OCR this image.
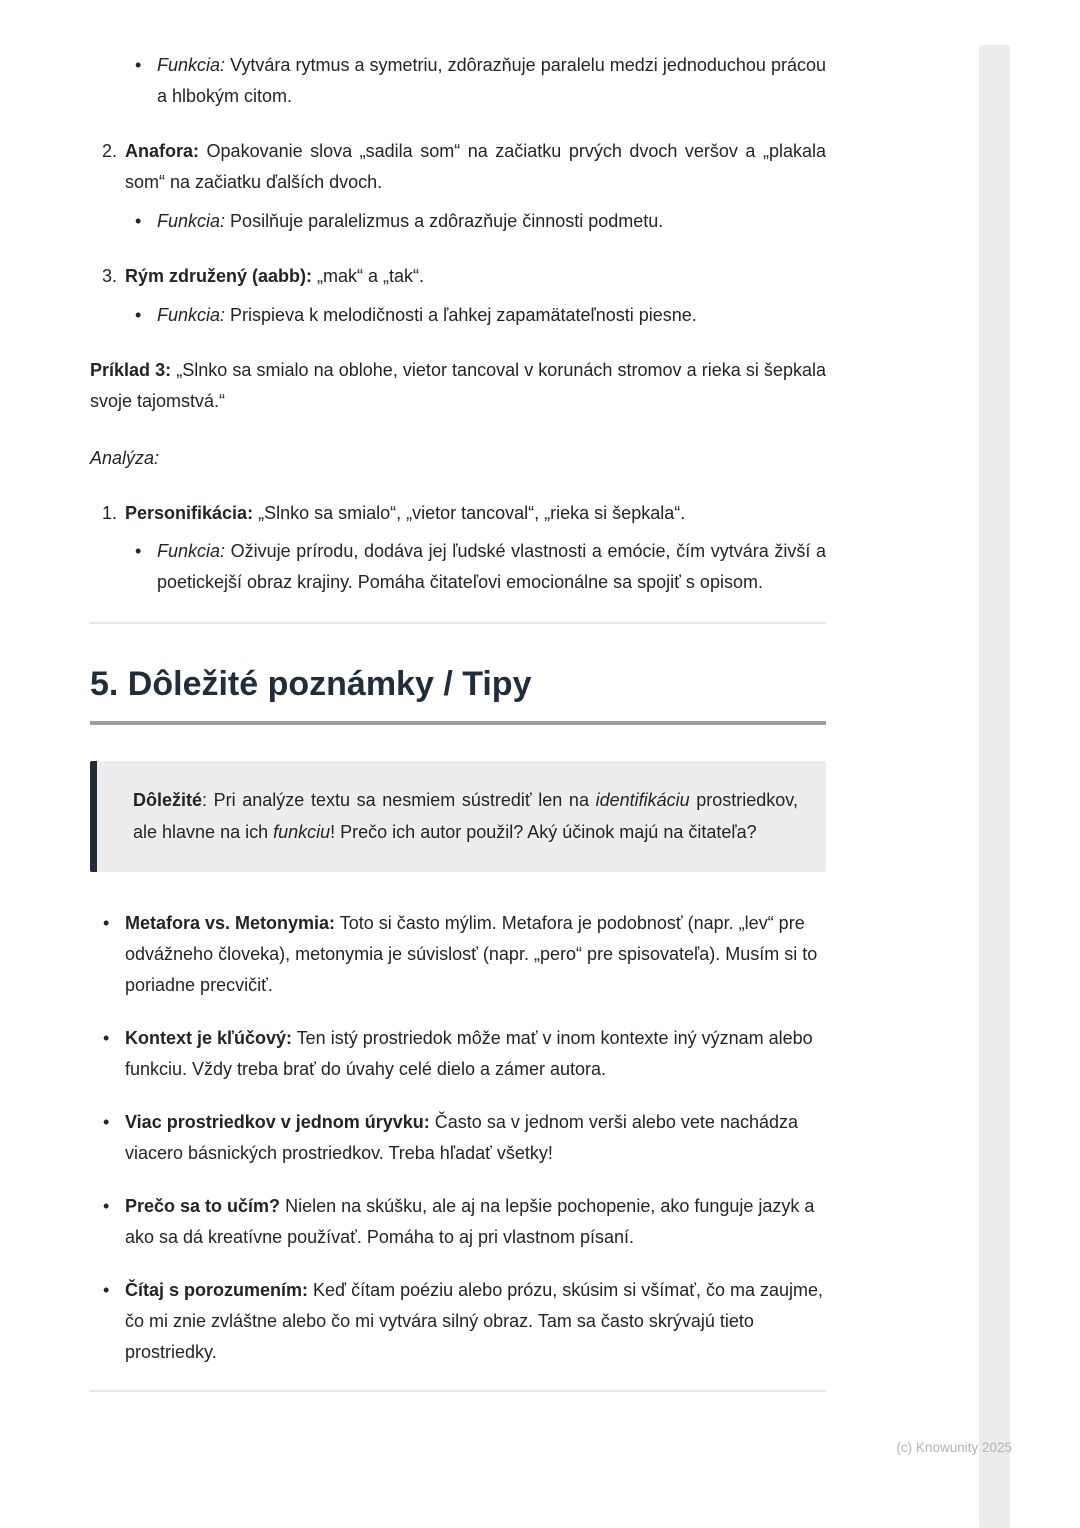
• Funkcia: Vytvára rytmus a symetriu, zdôrazňuje paralelu medzi jednoduchou prácou a hlbokým citom.

2. Anafora: Opakovanie slova „sadila som“ na začiatku prvých dvoch veršov a „plakala som“ na začiatku ďalších dvoch.

• Funkcia: Posilňuje paralelizmus a zdôrazňuje činnosti podmetu.

3. Rým združený (aabb): „mak“ a „tak“.

• Funkcia: Prispieva k melodičnosti a ľahkej zapamätateľnosti piesne.

Príklad 3: „Slnko sa smialo na oblohe, vietor tancoval v korunách stromov a rieka si šepkala svoje tajomstvá.“

Analýza:

1. Personifikácia: „Slnko sa smialo“, „vietor tancoval“, „rieka si šepkala“.

• Funkcia: Oživuje prírodu, dodáva jej ľudské vlastnosti a emócie, čím vytvára živší a poetickejší obraz krajiny. Pomáha čitateľovi emocionálne sa spojiť s opisom.

5. Dôležité poznámky / Tipy

Dôležité: Pri analýze textu sa nesmiem sústrediť len na identifikáciu prostriedkov, ale hlavne na ich funkciu! Prečo ich autor použil? Aký účinok majú na čitateľa?

• Metafora vs. Metonymia: Toto si často mýlim. Metafora je podobnosť (napr. „lev“ pre odvážneho človeka), metonymia je súvislosť (napr. „pero“ pre spisovateľa). Musím si to poriadne precvičiť.

• Kontext je kľúčový: Ten istý prostriedok môže mať v inom kontexte iný význam alebo funkciu. Vždy treba brať do úvahy celé dielo a zámer autora.

• Viac prostriedkov v jednom úryvku: Často sa v jednom verši alebo vete nachádza viacero básnických prostriedkov. Treba hľadať všetky!

• Prečo sa to učím? Nielen na skúšku, ale aj na lepšie pochopenie, ako funguje jazyk a ako sa dá kreatívne používať. Pomáha to aj pri vlastnom písaní.

• Čítaj s porozumením: Keď čítam poéziu alebo prózu, skúsim si všímať, čo ma zaujme, čo mi znie zvláštne alebo čo mi vytvára silný obraz. Tam sa často skrývajú tieto prostriedky.

(c) Knowunity 2025
